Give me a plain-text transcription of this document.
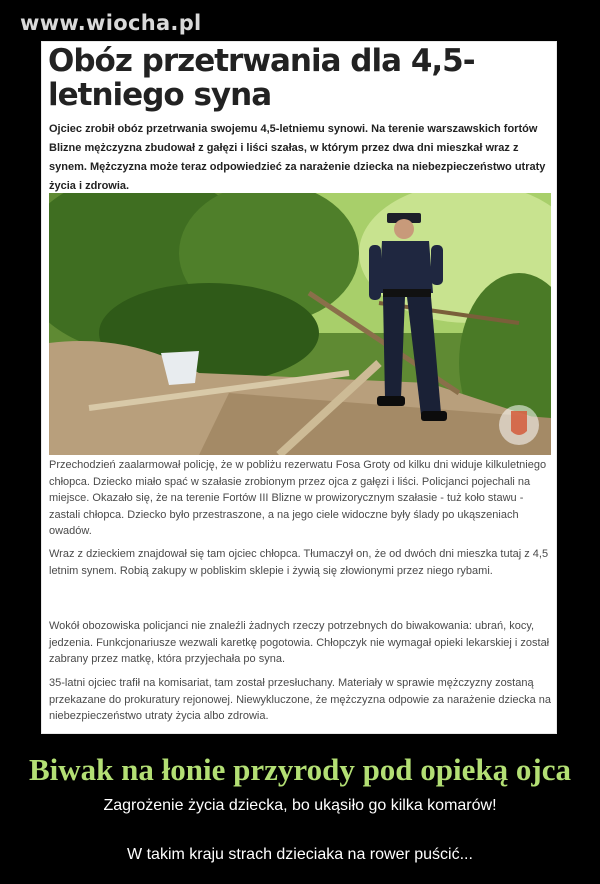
www.wiocha.pl
Obóz przetrwania dla 4,5-letniego syna

Ojciec zrobił obóz przetrwania swojemu 4,5-letniemu synowi. Na terenie warszawskich fortów Blizne mężczyzna zbudował z gałęzi i liści szałas, w którym przez dwa dni mieszkał wraz z synem. Mężczyzna może teraz odpowiedzieć za narażenie dziecka na niebezpieczeństwo utraty życia i zdrowia.

Przechodzień zaalarmował policję, że w pobliżu rezerwatu Fosa Groty od kilku dni widuje kilkuletniego chłopca. Dziecko miało spać w szałasie zrobionym przez ojca z gałęzi i liści. Policjanci pojechali na miejsce. Okazało się, że na terenie Fortów III Blizne w prowizorycznym szałasie - tuż koło stawu - zastali chłopca. Dziecko było przestraszone, a na jego ciele widoczne były ślady po ukąszeniach owadów.

Wraz z dzieckiem znajdował się tam ojciec chłopca. Tłumaczył on, że od dwóch dni mieszka tutaj z 4,5 letnim synem. Robią zakupy w pobliskim sklepie i żywią się złowionymi przez niego rybami.

Wokół obozowiska policjanci nie znaleźli żadnych rzeczy potrzebnych do biwakowania: ubrań, kocy, jedzenia. Funkcjonariusze wezwali karetkę pogotowia. Chłopczyk nie wymagał opieki lekarskiej i został zabrany przez matkę, która przyjechała po syna.

35-latni ojciec trafił na komisariat, tam został przesłuchany. Materiały w sprawie mężczyzny zostaną przekazane do prokuratury rejonowej. Niewykluczone, że mężczyzna odpowie za narażenie dziecka na niebezpieczeństwo utraty życia albo zdrowia.

Biwak na łonie przyrody pod opieką ojca

Zagrożenie życia dziecka, bo ukąsiło go kilka komarów!

W takim kraju strach dzieciaka na rower puścić...
